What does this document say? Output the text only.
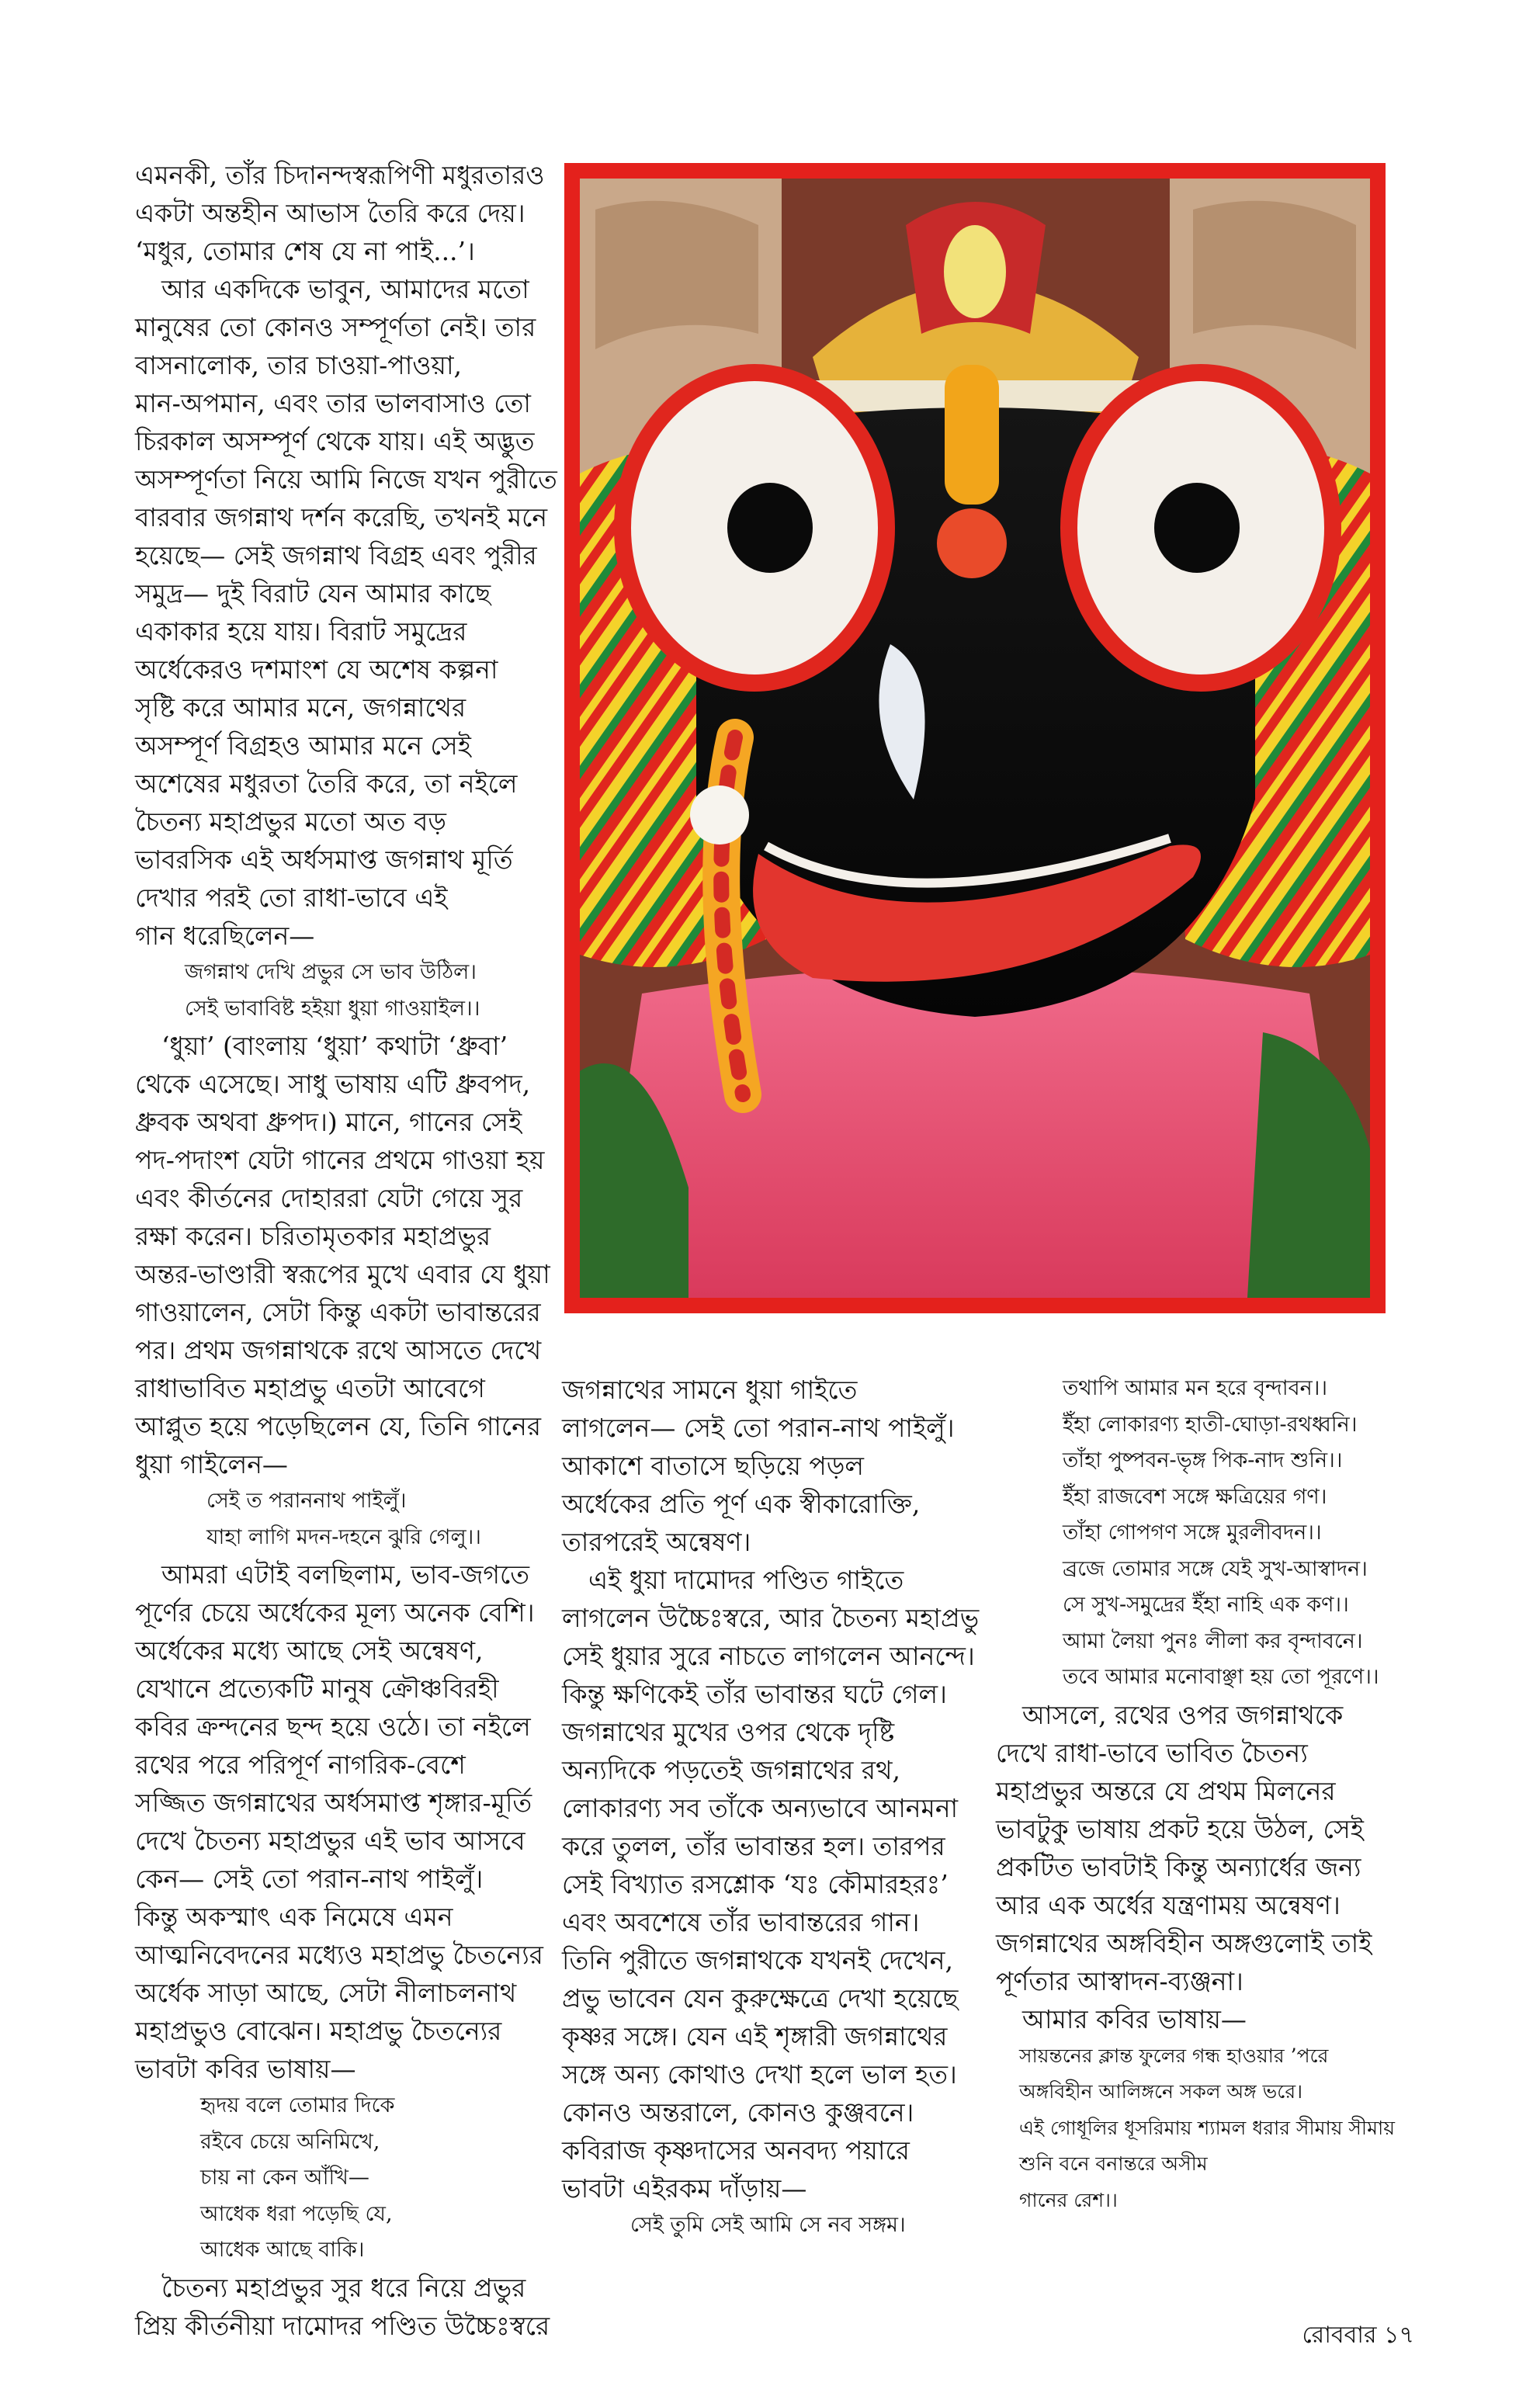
এমনকী, তাঁর চিদানন্দস্বরূপিণী মধুরতারও

একটা অন্তহীন আভাস তৈরি করে দেয়।

‘মধুর, তোমার শেষ যে না পাই...’।

আর একদিকে ভাবুন, আমাদের মতো

মানুষের তো কোনও সম্পূর্ণতা নেই। তার

বাসনালোক, তার চাওয়া-পাওয়া,

মান-অপমান, এবং তার ভালবাসাও তো

চিরকাল অসম্পূর্ণ থেকে যায়। এই অদ্ভুত

অসম্পূর্ণতা নিয়ে আমি নিজে যখন পুরীতে

বারবার জগন্নাথ দর্শন করেছি, তখনই মনে

হয়েছে— সেই জগন্নাথ বিগ্রহ এবং পুরীর

সমুদ্র— দুই বিরাট যেন আমার কাছে

একাকার হয়ে যায়। বিরাট সমুদ্রের

অর্ধেকেরও দশমাংশ যে অশেষ কল্পনা

সৃষ্টি করে আমার মনে, জগন্নাথের

অসম্পূর্ণ বিগ্রহও আমার মনে সেই

অশেষের মধুরতা তৈরি করে, তা নইলে

চৈতন্য মহাপ্রভুর মতো অত বড়

ভাবরসিক এই অর্ধসমাপ্ত জগন্নাথ মূর্তি

দেখার পরই তো রাধা-ভাবে এই

গান ধরেছিলেন—

জগন্নাথ দেখি প্রভুর সে ভাব উঠিল।

সেই ভাবাবিষ্ট হইয়া ধুয়া গাওয়াইল।।

‘ধুয়া’ (বাংলায় ‘ধুয়া’ কথাটা ‘ধ্রুবা’

থেকে এসেছে। সাধু ভাষায় এটি ধ্রুবপদ,

ধ্রুবক অথবা ধ্রুপদ।) মানে, গানের সেই

পদ-পদাংশ যেটা গানের প্রথমে গাওয়া হয়

এবং কীর্তনের দোহাররা যেটা গেয়ে সুর

রক্ষা করেন। চরিতামৃতকার মহাপ্রভুর

অন্তর-ভাণ্ডারী স্বরূপের মুখে এবার যে ধুয়া

গাওয়ালেন, সেটা কিন্তু একটা ভাবান্তরের

পর। প্রথম জগন্নাথকে রথে আসতে দেখে

রাধাভাবিত মহাপ্রভু এতটা আবেগে

আপ্লুত হয়ে পড়েছিলেন যে, তিনি গানের

ধুয়া গাইলেন—

সেই ত পরাননাথ পাইলুঁ।

যাহা লাগি মদন-দহনে ঝুরি গেলু।।

আমরা এটাই বলছিলাম, ভাব-জগতে

পূর্ণের চেয়ে অর্ধেকের মূল্য অনেক বেশি।

অর্ধেকের মধ্যে আছে সেই অন্বেষণ,

যেখানে প্রত্যেকটি মানুষ ক্রৌঞ্চবিরহী

কবির ক্রন্দনের ছন্দ হয়ে ওঠে। তা নইলে

রথের পরে পরিপূর্ণ নাগরিক-বেশে

সজ্জিত জগন্নাথের অর্ধসমাপ্ত শৃঙ্গার-মূর্তি

দেখে চৈতন্য মহাপ্রভুর এই ভাব আসবে

কেন— সেই তো পরান-নাথ পাইলুঁ।

কিন্তু অকস্মাৎ এক নিমেষে এমন

আত্মনিবেদনের মধ্যেও মহাপ্রভু চৈতন্যের

অর্ধেক সাড়া আছে, সেটা নীলাচলনাথ

মহাপ্রভুও বোঝেন। মহাপ্রভু চৈতন্যের

ভাবটা কবির ভাষায়—

হৃদয় বলে তোমার দিকে

রইবে চেয়ে অনিমিখে,

চায় না কেন আঁখি—

আধেক ধরা পড়েছি যে,

আধেক আছে বাকি।

চৈতন্য মহাপ্রভুর সুর ধরে নিয়ে প্রভুর

প্রিয় কীর্তনীয়া দামোদর পণ্ডিত উচ্চৈঃস্বরে

জগন্নাথের সামনে ধুয়া গাইতে

লাগলেন— সেই তো পরান-নাথ পাইলুঁ।

আকাশে বাতাসে ছড়িয়ে পড়ল

অর্ধেকের প্রতি পূর্ণ এক স্বীকারোক্তি,

তারপরেই অন্বেষণ।

এই ধুয়া দামোদর পণ্ডিত গাইতে

লাগলেন উচ্চৈঃস্বরে, আর চৈতন্য মহাপ্রভু

সেই ধুয়ার সুরে নাচতে লাগলেন আনন্দে।

কিন্তু ক্ষণিকেই তাঁর ভাবান্তর ঘটে গেল।

জগন্নাথের মুখের ওপর থেকে দৃষ্টি

অন্যদিকে পড়তেই জগন্নাথের রথ,

লোকারণ্য সব তাঁকে অন্যভাবে আনমনা

করে তুলল, তাঁর ভাবান্তর হল। তারপর

সেই বিখ্যাত রসশ্লোক ‘যঃ কৌমারহরঃ’

এবং অবশেষে তাঁর ভাবান্তরের গান।

তিনি পুরীতে জগন্নাথকে যখনই দেখেন,

প্রভু ভাবেন যেন কুরুক্ষেত্রে দেখা হয়েছে

কৃষ্ণর সঙ্গে। যেন এই শৃঙ্গারী জগন্নাথের

সঙ্গে অন্য কোথাও দেখা হলে ভাল হত।

কোনও অন্তরালে, কোনও কুঞ্জবনে।

কবিরাজ কৃষ্ণদাসের অনবদ্য পয়ারে

ভাবটা এইরকম দাঁড়ায়—

সেই তুমি সেই আমি সে নব সঙ্গম।

তথাপি আমার মন হরে বৃন্দাবন।।

ইঁহা লোকারণ্য হাতী-ঘোড়া-রথধ্বনি।

তাঁহা পুষ্পবন-ভৃঙ্গ পিক-নাদ শুনি।।

ইঁহা রাজবেশ সঙ্গে ক্ষত্রিয়ের গণ।

তাঁহা গোপগণ সঙ্গে মুরলীবদন।।

ব্রজে তোমার সঙ্গে যেই সুখ-আস্বাদন।

সে সুখ-সমুদ্রের ইঁহা নাহি এক কণ।।

আমা লৈয়া পুনঃ লীলা কর বৃন্দাবনে।

তবে আমার মনোবাঞ্ছা হয় তো পূরণে।।

আসলে, রথের ওপর জগন্নাথকে

দেখে রাধা-ভাবে ভাবিত চৈতন্য

মহাপ্রভুর অন্তরে যে প্রথম মিলনের

ভাবটুকু ভাষায় প্রকট হয়ে উঠল, সেই

প্রকটিত ভাবটাই কিন্তু অন্যার্ধের জন্য

আর এক অর্ধের যন্ত্রণাময় অন্বেষণ।

জগন্নাথের অঙ্গবিহীন অঙ্গগুলোই তাই

পূর্ণতার আস্বাদন-ব্যঞ্জনা।

আমার কবির ভাষায়—

সায়ন্তনের ক্লান্ত ফুলের গন্ধ হাওয়ার ’পরে

অঙ্গবিহীন আলিঙ্গনে সকল অঙ্গ ভরে।

এই গোধূলির ধূসরিমায় শ্যামল ধরার সীমায় সীমায়

শুনি বনে বনান্তরে অসীম

গানের রেশ।।

রোববার ১৭
